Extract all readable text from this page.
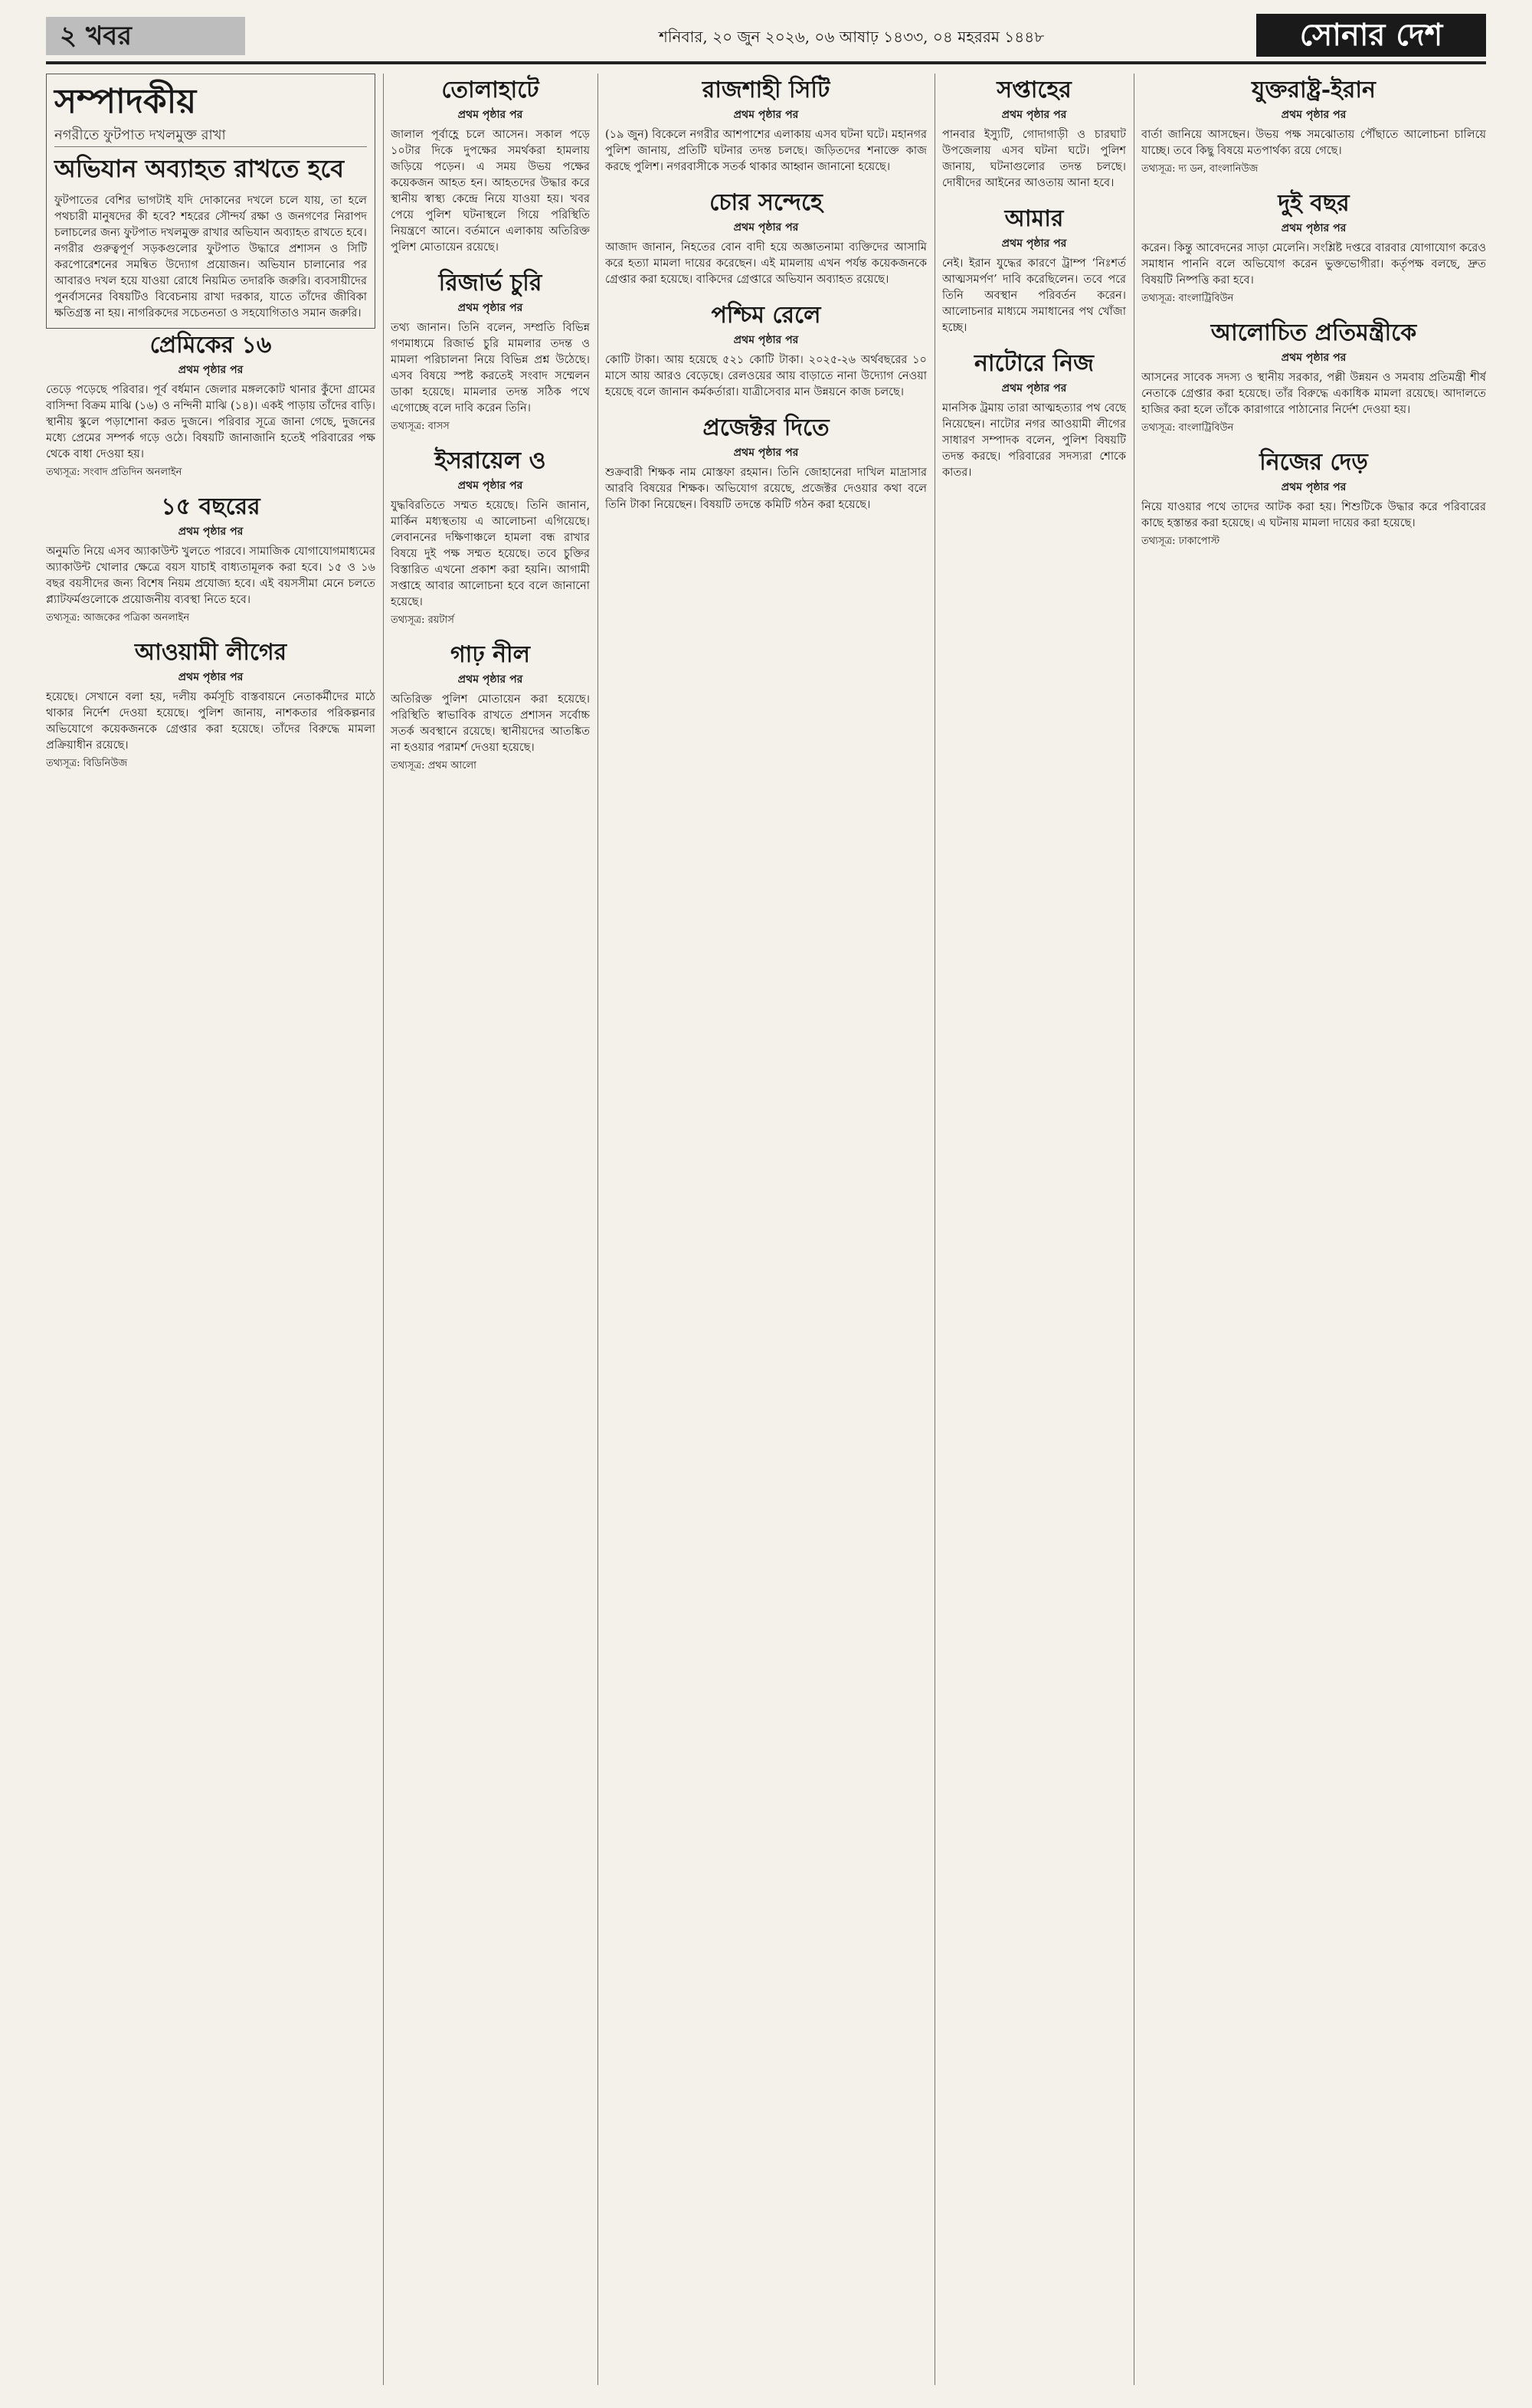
২ খবর	শনিবার, ২০ জুন ২০২৬, ০৬ আষাঢ় ১৪৩৩, ০৪ মহররম ১৪৪৮	সোনার দেশ
সম্পাদকীয়
নগরীতে ফুটপাত দখলমুক্ত রাখা
অভিযান অব্যাহত রাখতে হবে

ফুটপাতের বেশির ভাগটাই যদি দোকানের দখলে চলে যায়, তা হলে পথচারী মানুষদের কী হবে? শহরের সৌন্দর্য রক্ষা ও জনগণের নিরাপদ চলাচলের জন্য ফুটপাত দখলমুক্ত রাখার অভিযান অব্যাহত রাখতে হবে। নগরীর গুরুত্বপূর্ণ সড়কগুলোর ফুটপাত উদ্ধারে প্রশাসন ও সিটি করপোরেশনের সমন্বিত উদ্যোগ প্রয়োজন। অভিযান চালানোর পর আবারও দখল হয়ে যাওয়া রোধে নিয়মিত তদারকি জরুরি। ব্যবসায়ীদের পুনর্বাসনের বিষয়টিও বিবেচনায় রাখা দরকার, যাতে তাঁদের জীবিকা ক্ষতিগ্রস্ত না হয়। নাগরিকদের সচেতনতা ও সহযোগিতাও সমান জরুরি।

প্রেমিকের ১৬
প্রথম পৃষ্ঠার পর

তেড়ে পড়েছে পরিবার। পূর্ব বর্ধমান জেলার মঙ্গলকোট থানার কুঁদো গ্রামের বাসিন্দা বিক্রম মাঝি (১৬) ও নন্দিনী মাঝি (১৪)। একই পাড়ায় তাঁদের বাড়ি। স্থানীয় স্কুলে পড়াশোনা করত দুজনে। পরিবার সূত্রে জানা গেছে, দুজনের মধ্যে প্রেমের সম্পর্ক গড়ে ওঠে। বিষয়টি জানাজানি হতেই পরিবারের পক্ষ থেকে বাধা দেওয়া হয়।

তথ্যসূত্র: সংবাদ প্রতিদিন অনলাইন
১৫ বছরের
প্রথম পৃষ্ঠার পর

অনুমতি নিয়ে এসব অ্যাকাউন্ট খুলতে পারবে। সামাজিক যোগাযোগমাধ্যমের অ্যাকাউন্ট খোলার ক্ষেত্রে বয়স যাচাই বাধ্যতামূলক করা হবে। ১৫ ও ১৬ বছর বয়সীদের জন্য বিশেষ নিয়ম প্রযোজ্য হবে। এই বয়সসীমা মেনে চলতে প্ল্যাটফর্মগুলোকে প্রয়োজনীয় ব্যবস্থা নিতে হবে।

তথ্যসূত্র: আজকের পত্রিকা অনলাইন
আওয়ামী লীগের
প্রথম পৃষ্ঠার পর

হয়েছে। সেখানে বলা হয়, দলীয় কর্মসূচি বাস্তবায়নে নেতাকর্মীদের মাঠে থাকার নির্দেশ দেওয়া হয়েছে। পুলিশ জানায়, নাশকতার পরিকল্পনার অভিযোগে কয়েকজনকে গ্রেপ্তার করা হয়েছে। তাঁদের বিরুদ্ধে মামলা প্রক্রিয়াধীন রয়েছে।

তথ্যসূত্র: বিডিনিউজ
তোলাহাটে
প্রথম পৃষ্ঠার পর

জালাল পূর্বাহ্ণে চলে আসেন। সকাল পড়ে ১০টার দিকে দুপক্ষের সমর্থকরা হামলায় জড়িয়ে পড়েন। এ সময় উভয় পক্ষের কয়েকজন আহত হন। আহতদের উদ্ধার করে স্থানীয় স্বাস্থ্য কেন্দ্রে নিয়ে যাওয়া হয়। খবর পেয়ে পুলিশ ঘটনাস্থলে গিয়ে পরিস্থিতি নিয়ন্ত্রণে আনে। বর্তমানে এলাকায় অতিরিক্ত পুলিশ মোতায়েন রয়েছে।

রিজার্ভ চুরি
প্রথম পৃষ্ঠার পর

তথ্য জানান। তিনি বলেন, সম্প্রতি বিভিন্ন গণমাধ্যমে রিজার্ভ চুরি মামলার তদন্ত ও মামলা পরিচালনা নিয়ে বিভিন্ন প্রশ্ন উঠেছে। এসব বিষয়ে স্পষ্ট করতেই সংবাদ সম্মেলন ডাকা হয়েছে। মামলার তদন্ত সঠিক পথে এগোচ্ছে বলে দাবি করেন তিনি।

তথ্যসূত্র: বাসস
ইসরায়েল ও
প্রথম পৃষ্ঠার পর

যুদ্ধবিরতিতে সম্মত হয়েছে। তিনি জানান, মার্কিন মধ্যস্থতায় এ আলোচনা এগিয়েছে। লেবাননের দক্ষিণাঞ্চলে হামলা বন্ধ রাখার বিষয়ে দুই পক্ষ সম্মত হয়েছে। তবে চুক্তির বিস্তারিত এখনো প্রকাশ করা হয়নি। আগামী সপ্তাহে আবার আলোচনা হবে বলে জানানো হয়েছে।

তথ্যসূত্র: রয়টার্স
গাঢ় নীল
প্রথম পৃষ্ঠার পর

অতিরিক্ত পুলিশ মোতায়েন করা হয়েছে। পরিস্থিতি স্বাভাবিক রাখতে প্রশাসন সর্বোচ্চ সতর্ক অবস্থানে রয়েছে। স্থানীয়দের আতঙ্কিত না হওয়ার পরামর্শ দেওয়া হয়েছে।

তথ্যসূত্র: প্রথম আলো
রাজশাহী সিটি
প্রথম পৃষ্ঠার পর

(১৯ জুন) বিকেলে নগরীর আশপাশের এলাকায় এসব ঘটনা ঘটে। মহানগর পুলিশ জানায়, প্রতিটি ঘটনার তদন্ত চলছে। জড়িতদের শনাক্তে কাজ করছে পুলিশ। নগরবাসীকে সতর্ক থাকার আহ্বান জানানো হয়েছে।

চোর সন্দেহে
প্রথম পৃষ্ঠার পর

আজাদ জানান, নিহতের বোন বাদী হয়ে অজ্ঞাতনামা ব্যক্তিদের আসামি করে হত্যা মামলা দায়ের করেছেন। এই মামলায় এখন পর্যন্ত কয়েকজনকে গ্রেপ্তার করা হয়েছে। বাকিদের গ্রেপ্তারে অভিযান অব্যাহত রয়েছে।

পশ্চিম রেলে
প্রথম পৃষ্ঠার পর

কোটি টাকা। আয় হয়েছে ৫২১ কোটি টাকা। ২০২৫-২৬ অর্থবছরের ১০ মাসে আয় আরও বেড়েছে। রেলওয়ের আয় বাড়াতে নানা উদ্যোগ নেওয়া হয়েছে বলে জানান কর্মকর্তারা। যাত্রীসেবার মান উন্নয়নে কাজ চলছে।

প্রজেক্টর দিতে
প্রথম পৃষ্ঠার পর

শুক্রবারী শিক্ষক নাম মোস্তফা রহমান। তিনি জোহানেরা দাখিল মাদ্রাসার আরবি বিষয়ের শিক্ষক। অভিযোগ রয়েছে, প্রজেক্টর দেওয়ার কথা বলে তিনি টাকা নিয়েছেন। বিষয়টি তদন্তে কমিটি গঠন করা হয়েছে।

সপ্তাহের
প্রথম পৃষ্ঠার পর

পানবার ইস্যুটি, গোদাগাড়ী ও চারঘাট উপজেলায় এসব ঘটনা ঘটে। পুলিশ জানায়, ঘটনাগুলোর তদন্ত চলছে। দোষীদের আইনের আওতায় আনা হবে।

আমার
প্রথম পৃষ্ঠার পর

নেই। ইরান যুদ্ধের কারণে ট্রাম্প ‘নিঃশর্ত আত্মসমর্পণ’ দাবি করেছিলেন। তবে পরে তিনি অবস্থান পরিবর্তন করেন। আলোচনার মাধ্যমে সমাধানের পথ খোঁজা হচ্ছে।

নাটোরে নিজ
প্রথম পৃষ্ঠার পর

মানসিক ট্রমায় তারা আত্মহত্যার পথ বেছে নিয়েছেন। নাটোর নগর আওয়ামী লীগের সাধারণ সম্পাদক বলেন, পুলিশ বিষয়টি তদন্ত করছে। পরিবারের সদস্যরা শোকে কাতর।

যুক্তরাষ্ট্র-ইরান
প্রথম পৃষ্ঠার পর

বার্তা জানিয়ে আসছেন। উভয় পক্ষ সমঝোতায় পৌঁছাতে আলোচনা চালিয়ে যাচ্ছে। তবে কিছু বিষয়ে মতপার্থক্য রয়ে গেছে।

তথ্যসূত্র: দ্য ডন, বাংলানিউজ
দুই বছর
প্রথম পৃষ্ঠার পর

করেন। কিন্তু আবেদনের সাড়া মেলেনি। সংশ্লিষ্ট দপ্তরে বারবার যোগাযোগ করেও সমাধান পাননি বলে অভিযোগ করেন ভুক্তভোগীরা। কর্তৃপক্ষ বলছে, দ্রুত বিষয়টি নিষ্পত্তি করা হবে।

তথ্যসূত্র: বাংলাট্রিবিউন
আলোচিত প্রতিমন্ত্রীকে
প্রথম পৃষ্ঠার পর

আসনের সাবেক সদস্য ও স্থানীয় সরকার, পল্লী উন্নয়ন ও সমবায় প্রতিমন্ত্রী শীর্ষ নেতাকে গ্রেপ্তার করা হয়েছে। তাঁর বিরুদ্ধে একাধিক মামলা রয়েছে। আদালতে হাজির করা হলে তাঁকে কারাগারে পাঠানোর নির্দেশ দেওয়া হয়।

তথ্যসূত্র: বাংলাট্রিবিউন
নিজের দেড়
প্রথম পৃষ্ঠার পর

নিয়ে যাওয়ার পথে তাদের আটক করা হয়। শিশুটিকে উদ্ধার করে পরিবারের কাছে হস্তান্তর করা হয়েছে। এ ঘটনায় মামলা দায়ের করা হয়েছে।

তথ্যসূত্র: ঢাকাপোস্ট
